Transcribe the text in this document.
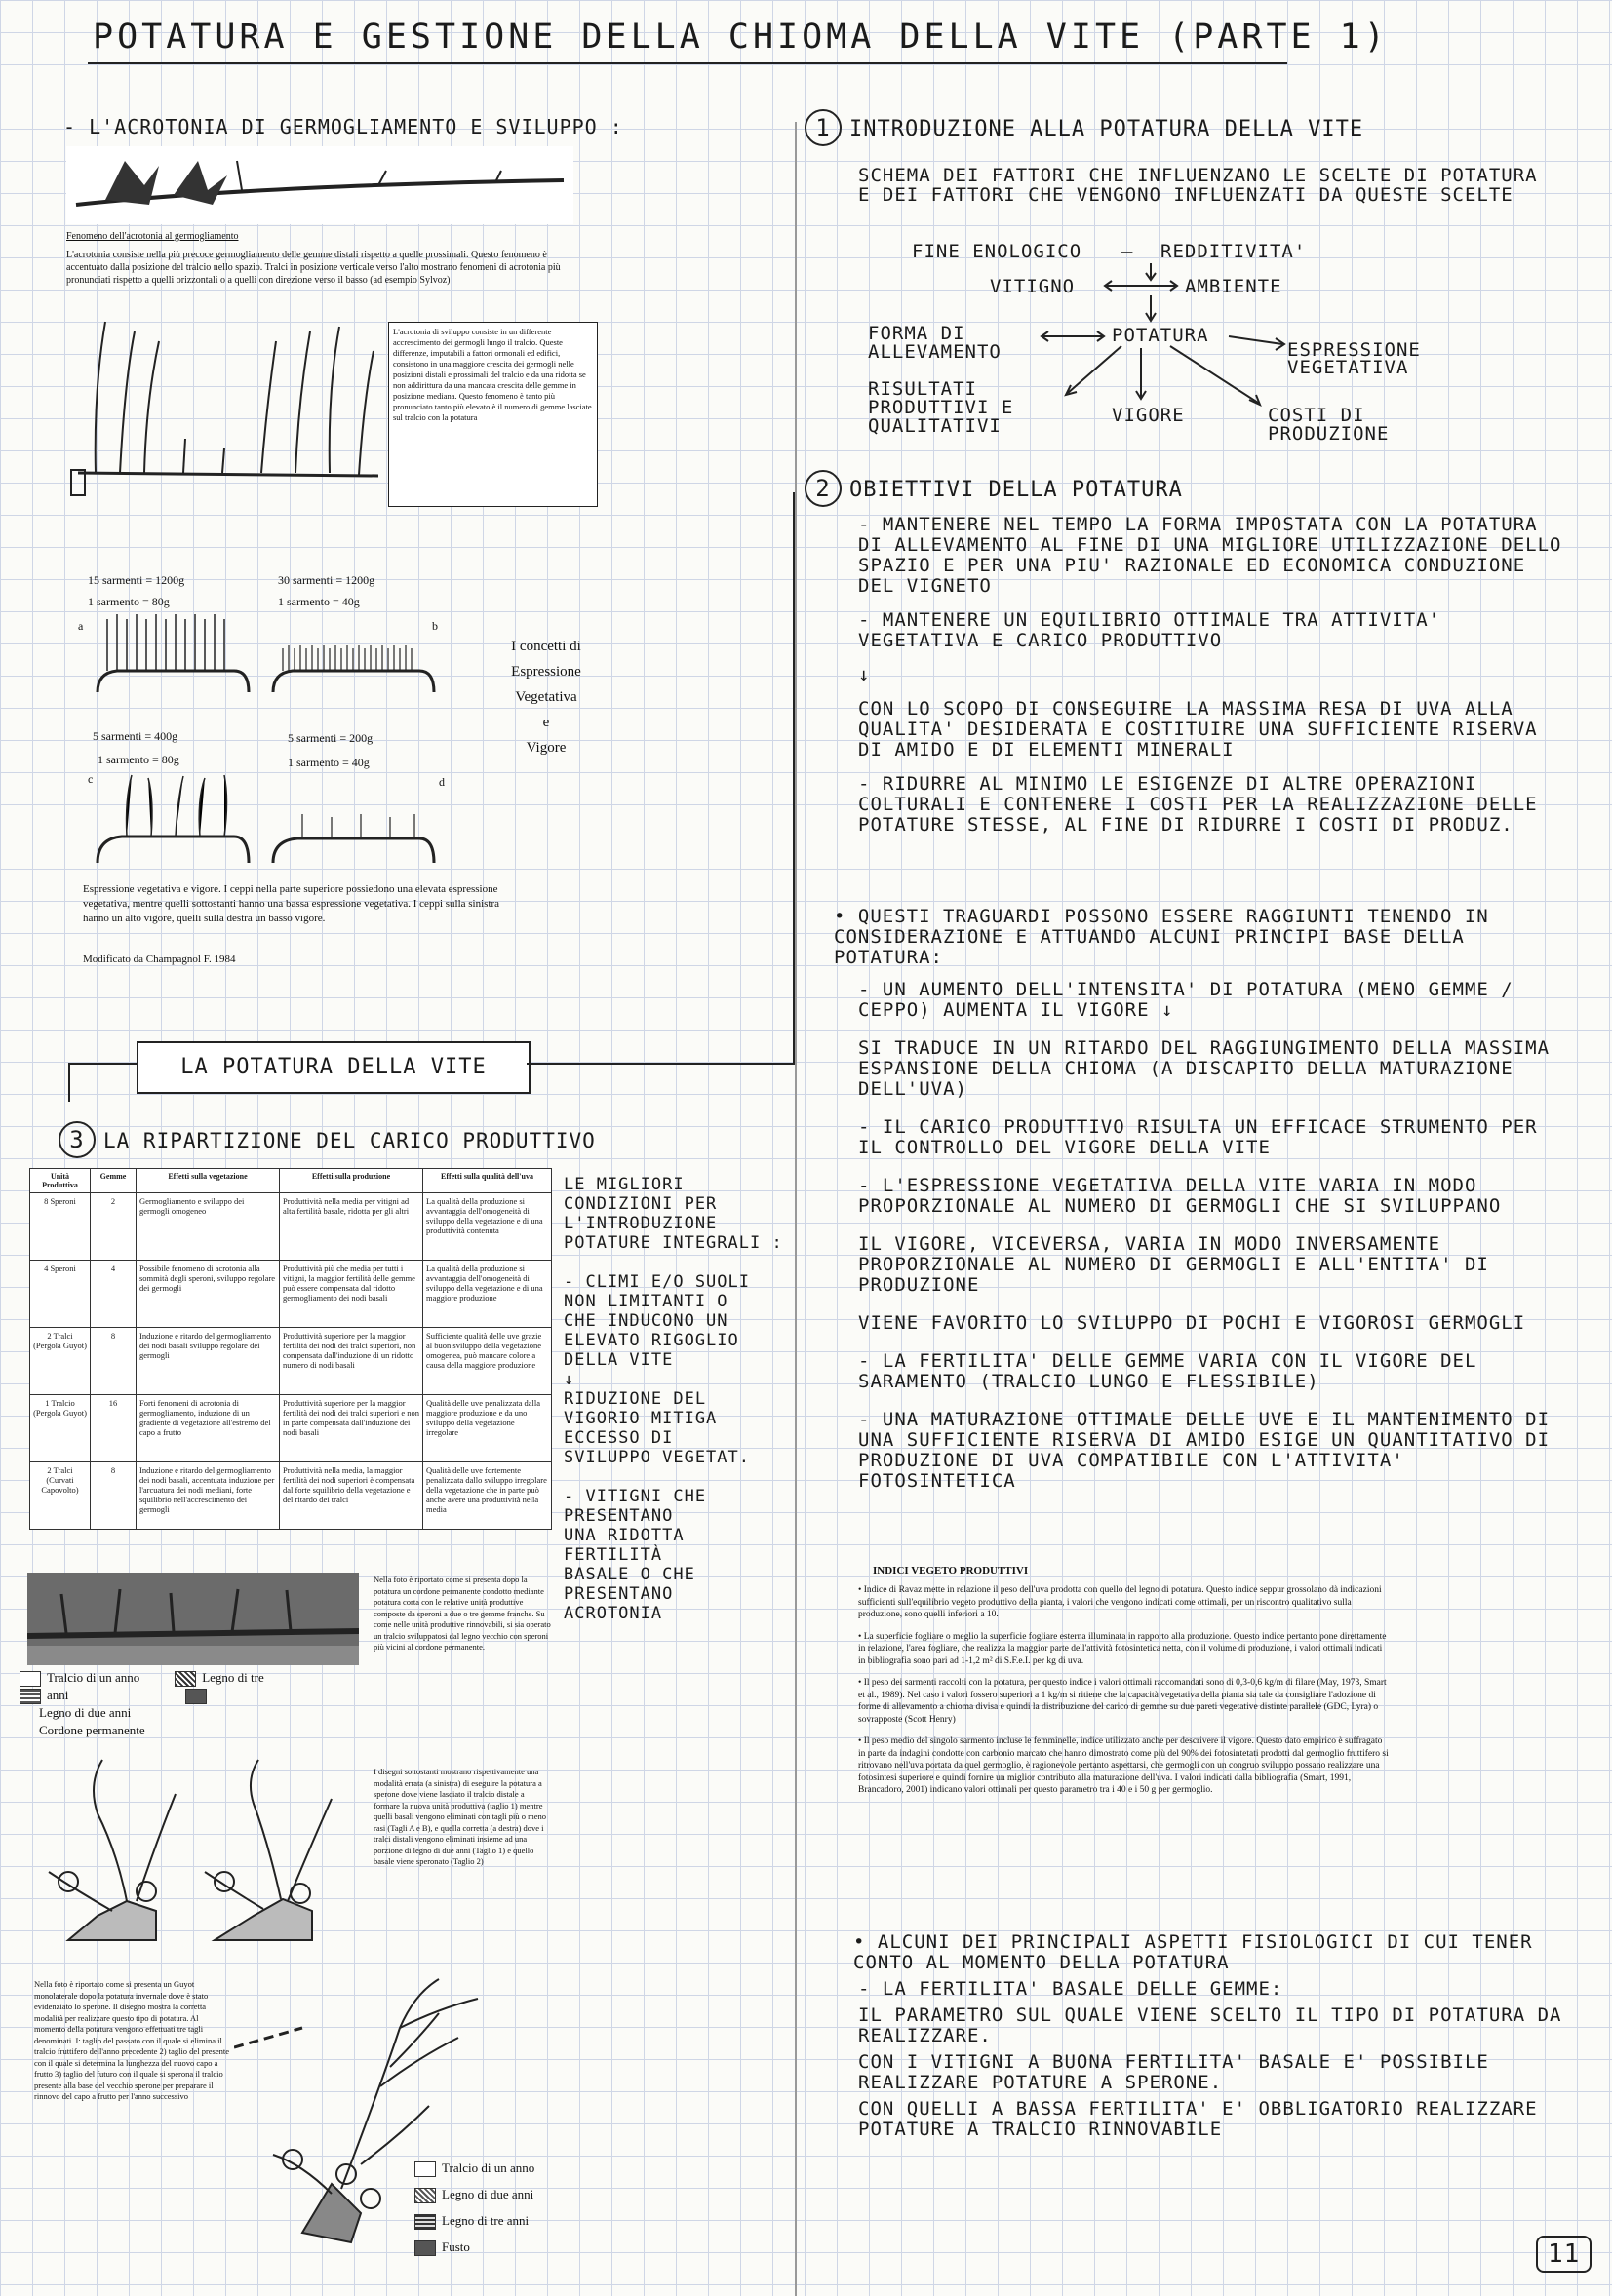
POTATURA E GESTIONE DELLA CHIOMA DELLA VITE (PARTE 1)
- L'ACROTONIA DI GERMOGLIAMENTO E SVILUPPO :
Fenomeno dell'acrotonia al germogliamento
L'acrotonia consiste nella più precoce germogliamento delle gemme distali rispetto a quelle prossimali. Questo fenomeno è accentuato dalla posizione del tralcio nello spazio. Tralci in posizione verticale verso l'alto mostrano fenomeni di acrotonia più pronunciati rispetto a quelli orizzontali o a quelli con direzione verso il basso (ad esempio Sylvoz)
L'acrotonia di sviluppo consiste in un differente accrescimento dei germogli lungo il tralcio. Queste differenze, imputabili a fattori ormonali ed edifici, consistono in una maggiore crescita dei germogli nelle posizioni distali e prossimali del tralcio e da una ridotta se non addirittura da una mancata crescita delle gemme in posizione mediana. Questo fenomeno è tanto più pronunciato tanto più elevato è il numero di gemme lasciate sul tralcio con la potatura
15 sarmenti = 1200g
1 sarmento = 80g
30 sarmenti = 1200g
1 sarmento = 40g
a	b
5 sarmenti = 400g
1 sarmento = 80g
5 sarmenti = 200g
1 sarmento = 40g
c	d
I concetti di
Espressione
Vegetativa
e
Vigore
Espressione vegetativa e vigore. I ceppi nella parte superiore possiedono una elevata espressione vegetativa, mentre quelli sottostanti hanno una bassa espressione vegetativa. I ceppi sulla sinistra hanno un alto vigore, quelli sulla destra un basso vigore.
Modificato da Champagnol F. 1984
LA POTATURA DELLA VITE
3 LA RIPARTIZIONE DEL CARICO PRODUTTIVO
Unità Produttiva	Gemme	Effetti sulla vegetazione	Effetti sulla produzione	Effetti sulla qualità dell'uva
8 Speroni	2	Germogliamento e sviluppo dei germogli omogeneo	Produttività nella media per vitigni ad alta fertilità basale, ridotta per gli altri	La qualità della produzione si avvantaggia dell'omogeneità di sviluppo della vegetazione e di una produttività contenuta
4 Speroni	4	Possibile fenomeno di acrotonia alla sommità degli speroni, sviluppo regolare dei germogli	Produttività più che media per tutti i vitigni, la maggior fertilità delle gemme può essere compensata dal ridotto germogliamento dei nodi basali	La qualità della produzione si avvantaggia dell'omogeneità di sviluppo della vegetazione e di una maggiore produzione
2 Tralci (Pergola Guyot)	8	Induzione e ritardo del germogliamento dei nodi basali sviluppo regolare dei germogli	Produttività superiore per la maggior fertilità dei nodi dei tralci superiori, non compensata dall'induzione di un ridotto numero di nodi basali	Sufficiente qualità delle uve grazie al buon sviluppo della vegetazione omogenea, può mancare colore a causa della maggiore produzione
1 Tralcio (Pergola Guyot)	16	Forti fenomeni di acrotonia di germogliamento, induzione di un gradiente di vegetazione all'estremo del capo a frutto	Produttività superiore per la maggior fertilità dei nodi dei tralci superiori e non in parte compensata dall'induzione dei nodi basali	Qualità delle uve penalizzata dalla maggiore produzione e da uno sviluppo della vegetazione irregolare
2 Tralci (Curvati Capovolto)	8	Induzione e ritardo del germogliamento dei nodi basali, accentuata induzione per l'arcuatura dei nodi mediani, forte squilibrio nell'accrescimento dei germogli	Produttività nella media, la maggior fertilità dei nodi superiori è compensata dal forte squilibrio della vegetazione e del ritardo dei tralci	Qualità delle uve fortemente penalizzata dallo sviluppo irregolare della vegetazione che in parte può anche avere una produttività nella media
LE MIGLIORI
CONDIZIONI PER
L'INTRODUZIONE
POTATURE INTEGRALI :

- CLIMI E/O SUOLI
NON LIMITANTI O
CHE INDUCONO UN
ELEVATO RIGOGLIO
DELLA VITE
↓
RIDUZIONE DEL
VIGORIO MITIGA
ECCESSO DI
SVILUPPO VEGETAT.

- VITIGNI CHE
PRESENTANO
UNA RIDOTTA
FERTILITÀ
BASALE O CHE
PRESENTANO
ACROTONIA
Tralcio di un anno	Legno di tre
anni
Legno di due anni
Cordone permanente
Nella foto è riportato come si presenta dopo la potatura un cordone permanente condotto mediante potatura corta con le relative unità produttive composte da speroni a due o tre gemme franche. Su come nelle unità produttive rinnovabili, si sia operato un tralcio sviluppatosi dal legno vecchio con speroni più vicini al cordone permanente.
I disegni sottostanti mostrano rispettivamente una modalità errata (a sinistra) di eseguire la potatura a sperone dove viene lasciato il tralcio distale a formare la nuova unità produttiva (taglio 1) mentre quelli basali vengono eliminati con tagli più o meno rasi (Tagli A e B), e quella corretta (a destra) dove i tralci distali vengono eliminati insieme ad una porzione di legno di due anni (Taglio 1) e quello basale viene speronato (Taglio 2)
Nella foto è riportato come si presenta un Guyot monolaterale dopo la potatura invernale dove è stato evidenziato lo sperone. Il disegno mostra la corretta modalità per realizzare questo tipo di potatura. Al momento della potatura vengono effettuati tre tagli denominati. I: taglio del passato con il quale si elimina il tralcio fruttifero dell'anno precedente 2) taglio del presente con il quale si determina la lunghezza del nuovo capo a frutto 3) taglio del futuro con il quale si sperona il tralcio presente alla base del vecchio sperone per preparare il rinnovo del capo a frutto per l'anno successivo
Tralcio di un anno
Legno di due anni
Legno di tre anni
Fusto
1 INTRODUZIONE ALLA POTATURA DELLA VITE
SCHEMA DEI FATTORI CHE INFLUENZANO LE SCELTE DI POTATURA E DEI FATTORI CHE VENGONO INFLUENZATI DA QUESTE SCELTE
FINE ENOLOGICO – REDDITIVITA'
VITIGNO	AMBIENTE
FORMA DI ALLEVAMENTO
POTATURA
ESPRESSIONE VEGETATIVA
RISULTATI PRODUTTIVI E QUALITATIVI	VIGORE	COSTI DI PRODUZIONE
2 OBIETTIVI DELLA POTATURA
- MANTENERE NEL TEMPO LA FORMA IMPOSTATA CON LA POTATURA DI ALLEVAMENTO AL FINE DI UNA MIGLIORE UTILIZZAZIONE DELLO SPAZIO E PER UNA PIU' RAZIONALE ED ECONOMICA CONDUZIONE DEL VIGNETO
- MANTENERE UN EQUILIBRIO OTTIMALE TRA ATTIVITA' VEGETATIVA E CARICO PRODUTTIVO
↓
CON LO SCOPO DI CONSEGUIRE LA MASSIMA RESA DI UVA ALLA QUALITA' DESIDERATA E COSTITUIRE UNA SUFFICIENTE RISERVA DI AMIDO E DI ELEMENTI MINERALI
- RIDURRE AL MINIMO LE ESIGENZE DI ALTRE OPERAZIONI COLTURALI E CONTENERE I COSTI PER LA REALIZZAZIONE DELLE POTATURE STESSE, AL FINE DI RIDURRE I COSTI DI PRODUZ.
• QUESTI TRAGUARDI POSSONO ESSERE RAGGIUNTI TENENDO IN CONSIDERAZIONE E ATTUANDO ALCUNI PRINCIPI BASE DELLA POTATURA:
- UN AUMENTO DELL'INTENSITA' DI POTATURA (MENO GEMME / CEPPO) AUMENTA IL VIGORE ↓
SI TRADUCE IN UN RITARDO DEL RAGGIUNGIMENTO DELLA MASSIMA ESPANSIONE DELLA CHIOMA (A DISCAPITO DELLA MATURAZIONE DELL'UVA)
- IL CARICO PRODUTTIVO RISULTA UN EFFICACE STRUMENTO PER IL CONTROLLO DEL VIGORE DELLA VITE
- L'ESPRESSIONE VEGETATIVA DELLA VITE VARIA IN MODO PROPORZIONALE AL NUMERO DI GERMOGLI CHE SI SVILUPPANO
IL VIGORE, VICEVERSA, VARIA IN MODO INVERSAMENTE PROPORZIONALE AL NUMERO DI GERMOGLI E ALL'ENTITA' DI PRODUZIONE
VIENE FAVORITO LO SVILUPPO DI POCHI E VIGOROSI GERMOGLI
- LA FERTILITA' DELLE GEMME VARIA CON IL VIGORE DEL SARAMENTO (TRALCIO LUNGO E FLESSIBILE)
- UNA MATURAZIONE OTTIMALE DELLE UVE E IL MANTENIMENTO DI UNA SUFFICIENTE RISERVA DI AMIDO ESIGE UN QUANTITATIVO DI PRODUZIONE DI UVA COMPATIBILE CON L'ATTIVITA' FOTOSINTETICA
INDICI VEGETO PRODUTTIVI
• Indice di Ravaz mette in relazione il peso dell'uva prodotta con quello del legno di potatura. Questo indice seppur grossolano dà indicazioni sufficienti sull'equilibrio vegeto produttivo della pianta, i valori che vengono indicati come ottimali, per un riscontro qualitativo sulla produzione, sono quelli inferiori a 10.
• La superficie fogliare o meglio la superficie fogliare esterna illuminata in rapporto alla produzione. Questo indice pertanto pone direttamente in relazione, l'area fogliare, che realizza la maggior parte dell'attività fotosintetica netta, con il volume di produzione, i valori ottimali indicati in bibliografia sono pari ad 1-1,2 m² di S.F.e.I. per kg di uva.
• Il peso dei sarmenti raccolti con la potatura, per questo indice i valori ottimali raccomandati sono di 0,3-0,6 kg/m di filare (May, 1973, Smart et al., 1989). Nel caso i valori fossero superiori a 1 kg/m si ritiene che la capacità vegetativa della pianta sia tale da consigliare l'adozione di forme di allevamento a chioma divisa e quindi la distribuzione del carico di gemme su due pareti vegetative distinte parallele (GDC, Lyra) o sovrapposte (Scott Henry)
• Il peso medio del singolo sarmento incluse le femminelle, indice utilizzato anche per descrivere il vigore. Questo dato empirico è suffragato in parte da indagini condotte con carbonio marcato che hanno dimostrato come più del 90% dei fotosintetati prodotti dal germoglio fruttifero si ritrovano nell'uva portata da quel germoglio, è ragionevole pertanto aspettarsi, che germogli con un congruo sviluppo possano realizzare una fotosintesi superiore e quindi fornire un miglior contributo alla maturazione dell'uva. I valori indicati dalla bibliografia (Smart, 1991, Brancadoro, 2001) indicano valori ottimali per questo parametro tra i 40 e i 50 g per germoglio.
• ALCUNI DEI PRINCIPALI ASPETTI FISIOLOGICI DI CUI TENER CONTO AL MOMENTO DELLA POTATURA
- LA FERTILITA' BASALE DELLE GEMME:
IL PARAMETRO SUL QUALE VIENE SCELTO IL TIPO DI POTATURA DA REALIZZARE.
CON I VITIGNI A BUONA FERTILITA' BASALE E' POSSIBILE REALIZZARE POTATURE A SPERONE.
CON QUELLI A BASSA FERTILITA' E' OBBLIGATORIO REALIZZARE POTATURE A TRALCIO RINNOVABILE
11
